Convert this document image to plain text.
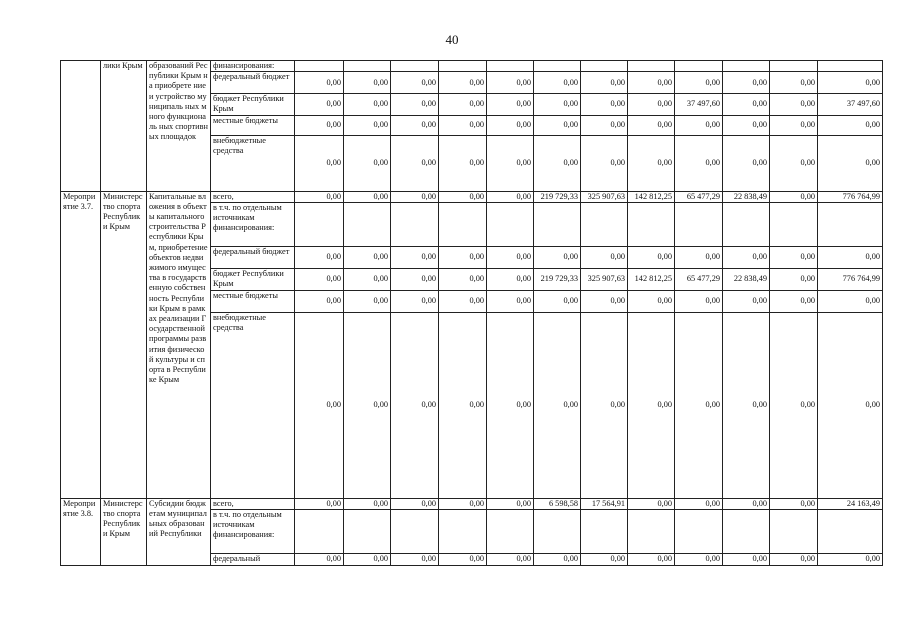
40
	лики Крым	образований Республики Крым на приобрете ние и устройство муниципаль ных много функциональ ных спортивных площадок	финансирования:												
			федеральный бюджет	0,00	0,00	0,00	0,00	0,00	0,00	0,00	0,00	0,00	0,00	0,00	0,00
			бюджет Республики Крым	0,00	0,00	0,00	0,00	0,00	0,00	0,00	0,00	37 497,60	0,00	0,00	37 497,60
			местные бюджеты	0,00	0,00	0,00	0,00	0,00	0,00	0,00	0,00	0,00	0,00	0,00	0,00
			внебюджетные средства	0,00	0,00	0,00	0,00	0,00	0,00	0,00	0,00	0,00	0,00	0,00	0,00
Мероприятие 3.7.	Министерство спорта Республики Крым	Капитальные вложения в объекты капитального строительства Республики Крым, приобретение объектов недвижимого имущества в государственную собственность Республики Крым в рамках реализации Государственной программы развития физической культуры и спорта в Республике Крым	всего,	0,00	0,00	0,00	0,00	0,00	219 729,33	325 907,63	142 812,25	65 477,29	22 838,49	0,00	776 764,99
			в т.ч. по отдельным источникам финансирования:												
			федеральный бюджет	0,00	0,00	0,00	0,00	0,00	0,00	0,00	0,00	0,00	0,00	0,00	0,00
			бюджет Республики Крым	0,00	0,00	0,00	0,00	0,00	219 729,33	325 907,63	142 812,25	65 477,29	22 838,49	0,00	776 764,99
			местные бюджеты	0,00	0,00	0,00	0,00	0,00	0,00	0,00	0,00	0,00	0,00	0,00	0,00
			внебюджетные средства	0,00	0,00	0,00	0,00	0,00	0,00	0,00	0,00	0,00	0,00	0,00	0,00
Мероприятие 3.8.	Министерство спорта Республики Крым	Субсидии бюджетам муниципальных образований Республики	всего,	0,00	0,00	0,00	0,00	0,00	6 598,58	17 564,91	0,00	0,00	0,00	0,00	24 163,49
			в т.ч. по отдельным источникам финансирования:												
			федеральный	0,00	0,00	0,00	0,00	0,00	0,00	0,00	0,00	0,00	0,00	0,00	0,00
